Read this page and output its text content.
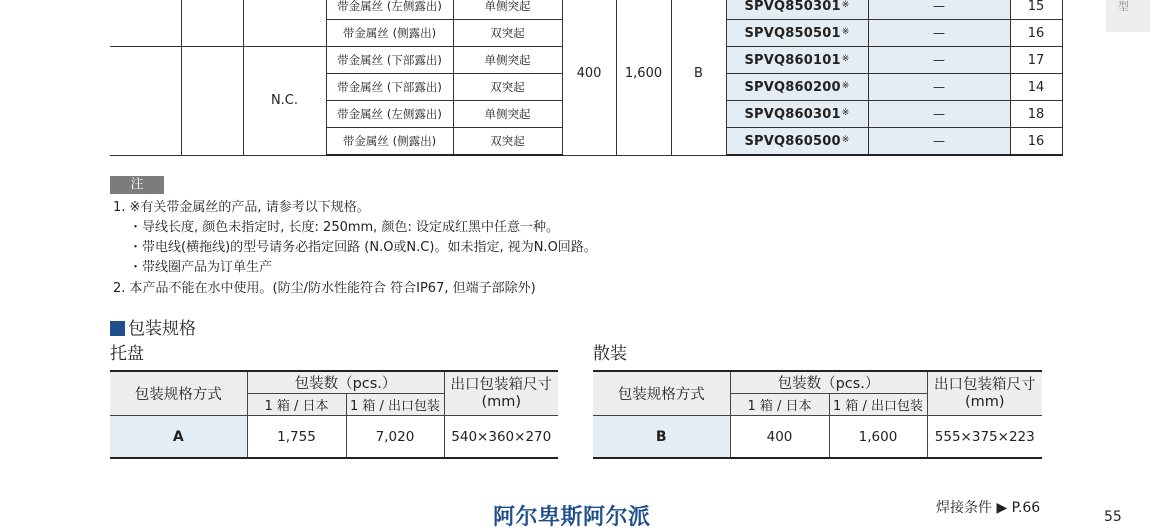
型
			带金属丝 (左侧露出)	单侧突起	400	1,600	B	SPVQ850301※	—	15
			带金属丝 (侧露出)	双突起				SPVQ850501※	—	16
		N.C.	带金属丝 (下部露出)	单侧突起				SPVQ860101※	—	17
			带金属丝 (下部露出)	双突起				SPVQ860200※	—	14
			带金属丝 (左侧露出)	单侧突起				SPVQ860301※	—	18
			带金属丝 (侧露出)	双突起				SPVQ860500※	—	16
注
1. ※有关带金属丝的产品, 请参考以下规格。
・导线长度, 颜色未指定时, 长度: 250mm, 颜色: 设定成红黑中任意一种。
・带电线(横拖线)的型号请务必指定回路 (N.O或N.C)。如未指定, 视为N.O回路。
・带线圈产品为订单生产
2. 本产品不能在水中使用。(防尘/防水性能符合 符合IP67, 但端子部除外)
包装规格
托盘
包装规格方式	包装数（pcs.）		出口包装箱尺寸
(mm)

	1 箱 / 日本	1 箱 / 出口包装	
A	1,755	7,020	540×360×270
散装
包装规格方式	包装数（pcs.）		出口包装箱尺寸
(mm)

	1 箱 / 日本	1 箱 / 出口包装	
B	400	1,600	555×375×223
焊接条件 ▶ P.66
阿尔卑斯阿尔派	55
